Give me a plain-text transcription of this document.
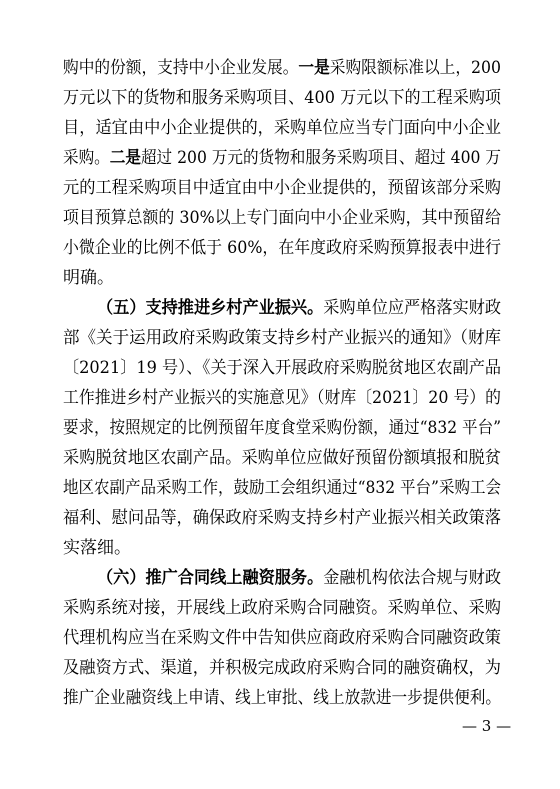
购中的份额，支持中小企业发展。一是采购限额标准以上，200
万元以下的货物和服务采购项目、400 万元以下的工程采购项
目，适宜由中小企业提供的，采购单位应当专门面向中小企业
采购。二是超过 200 万元的货物和服务采购项目、超过 400 万
元的工程采购项目中适宜由中小企业提供的，预留该部分采购
项目预算总额的 30%以上专门面向中小企业采购，其中预留给
小微企业的比例不低于 60%，在年度政府采购预算报表中进行
明确。
（五）支持推进乡村产业振兴。采购单位应严格落实财政
部《关于运用政府采购政策支持乡村产业振兴的通知》（财库
〔2021〕19 号）、《关于深入开展政府采购脱贫地区农副产品
工作推进乡村产业振兴的实施意见》（财库〔2021〕20 号）的
要求，按照规定的比例预留年度食堂采购份额，通过“832 平台”
采购脱贫地区农副产品。采购单位应做好预留份额填报和脱贫
地区农副产品采购工作，鼓励工会组织通过“832 平台”采购工会
福利、慰问品等，确保政府采购支持乡村产业振兴相关政策落
实落细。
（六）推广合同线上融资服务。金融机构依法合规与财政
采购系统对接，开展线上政府采购合同融资。采购单位、采购
代理机构应当在采购文件中告知供应商政府采购合同融资政策
及融资方式、渠道，并积极完成政府采购合同的融资确权，为
推广企业融资线上申请、线上审批、线上放款进一步提供便利。
— 3 —
